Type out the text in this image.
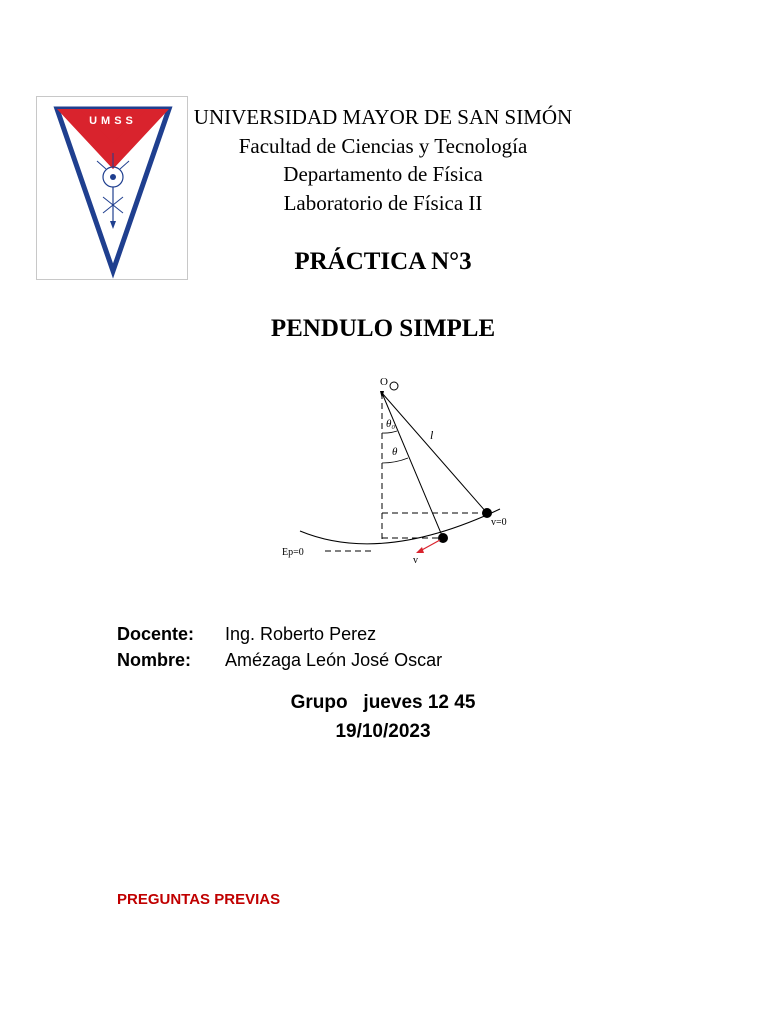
UMSS	UNIVERSIDAD MAYOR DE SAN SIMÓN
Facultad de Ciencias y Tecnología
Departamento de Física
Laboratorio de Física II
PRÁCTICA N°3
PENDULO SIMPLE
O
θ₀
θ
l
v=0
v
Ep=0
Docente: Ing. Roberto Perez
Nombre: Amézaga León José Oscar
Grupo   jueves 12 45
19/10/2023
PREGUNTAS PREVIAS
